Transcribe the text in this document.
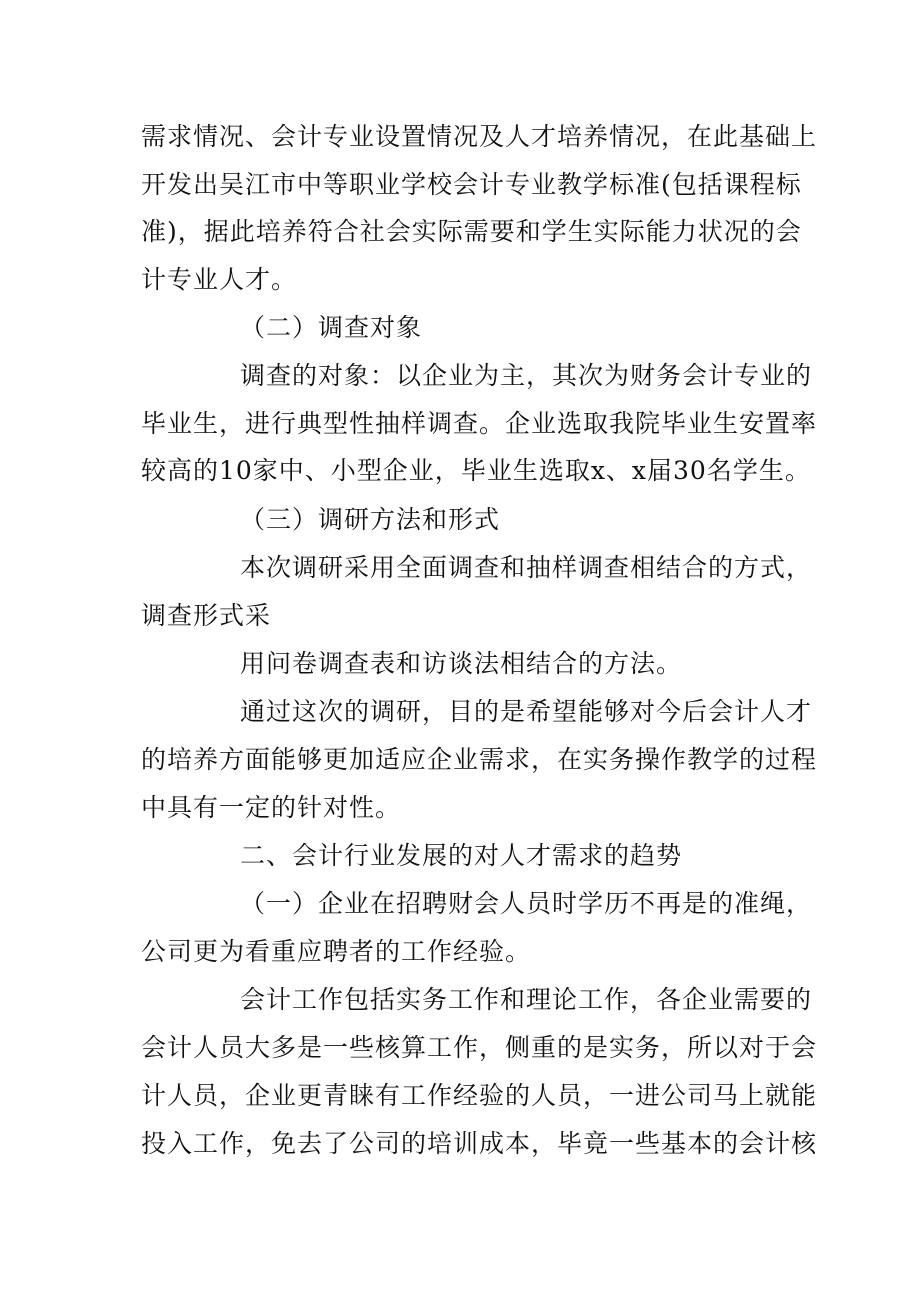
需求情况、会计专业设置情况及人才培养情况，在此基础上
开发出吴江市中等职业学校会计专业教学标准(包括课程标
准)，据此培养符合社会实际需要和学生实际能力状况的会
计专业人才。
（二）调查对象
调查的对象：以企业为主，其次为财务会计专业的
毕业生，进行典型性抽样调查。企业选取我院毕业生安置率
较高的10家中、小型企业，毕业生选取x、x届30名学生。
（三）调研方法和形式
本次调研采用全面调查和抽样调查相结合的方式，
调查形式采
用问卷调查表和访谈法相结合的方法。
通过这次的调研，目的是希望能够对今后会计人才
的培养方面能够更加适应企业需求，在实务操作教学的过程
中具有一定的针对性。
二、会计行业发展的对人才需求的趋势
（一）企业在招聘财会人员时学历不再是的准绳，
公司更为看重应聘者的工作经验。
会计工作包括实务工作和理论工作，各企业需要的
会计人员大多是一些核算工作，侧重的是实务，所以对于会
计人员，企业更青睐有工作经验的人员，一进公司马上就能
投入工作，免去了公司的培训成本，毕竟一些基本的会计核
